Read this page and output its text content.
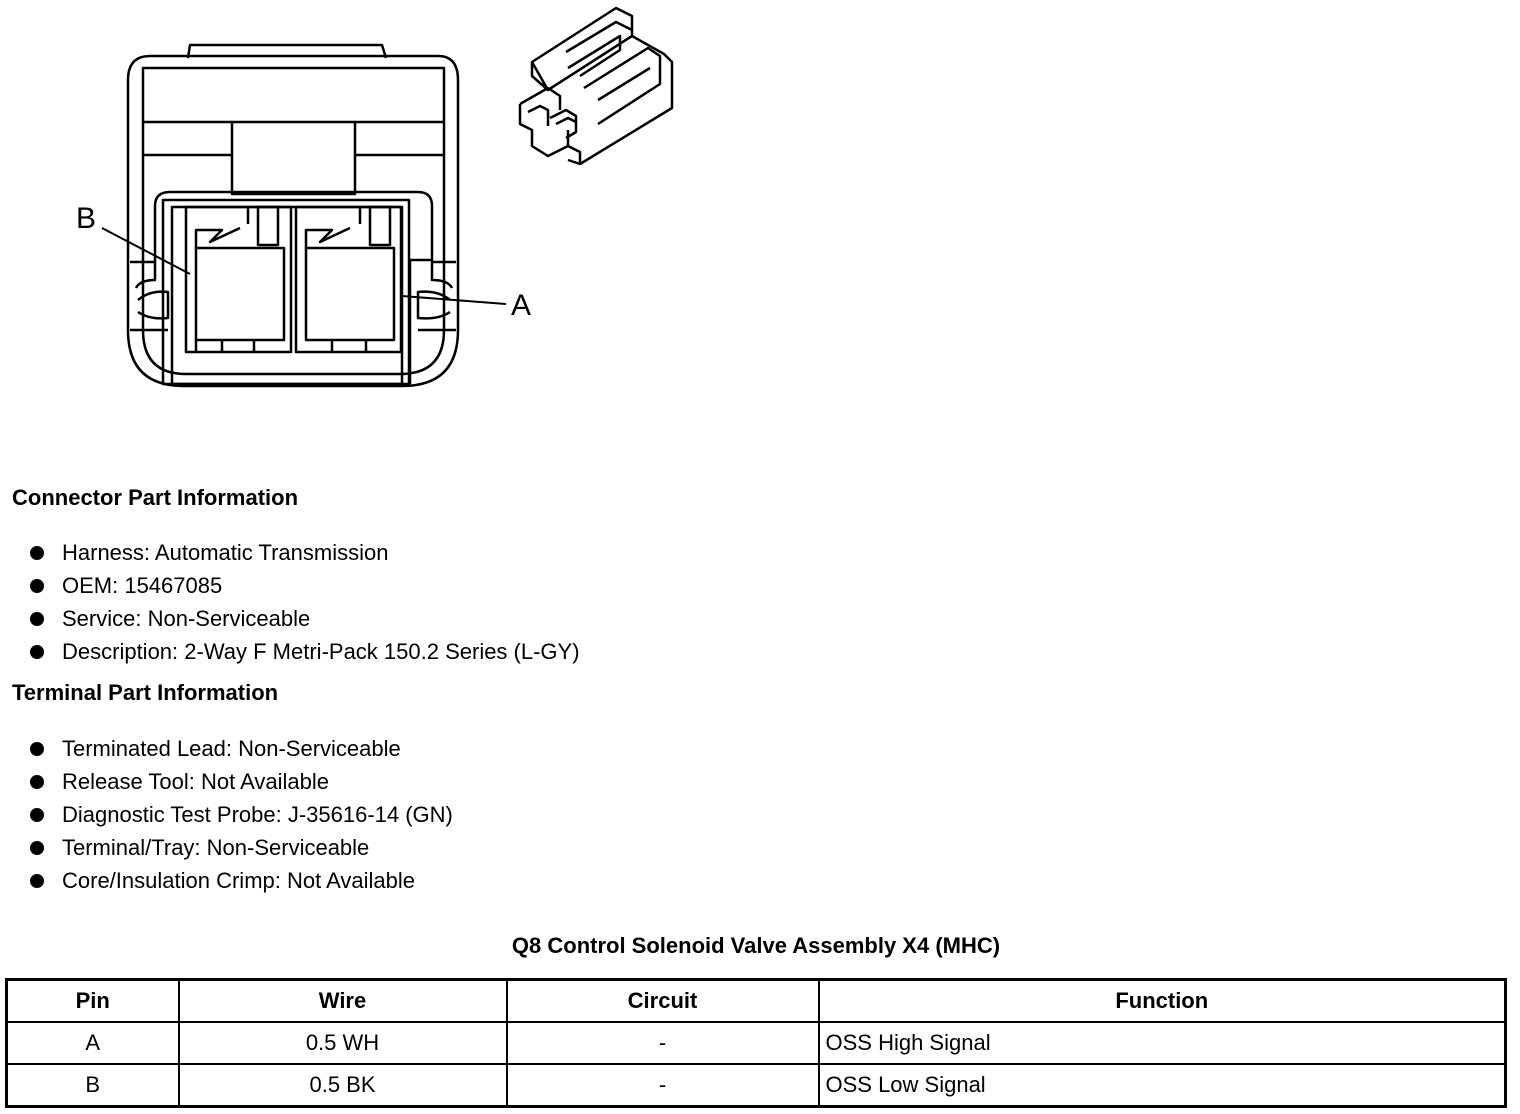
B
A
Connector Part Information
Harness: Automatic Transmission
OEM: 15467085
Service: Non-Serviceable
Description: 2-Way F Metri-Pack 150.2 Series (L-GY)
Terminal Part Information
Terminated Lead: Non-Serviceable
Release Tool: Not Available
Diagnostic Test Probe: J-35616-14 (GN)
Terminal/Tray: Non-Serviceable
Core/Insulation Crimp: Not Available
Q8 Control Solenoid Valve Assembly X4 (MHC)
Pin	Wire	Circuit	Function
A	0.5 WH	-	OSS High Signal
B	0.5 BK	-	OSS Low Signal
